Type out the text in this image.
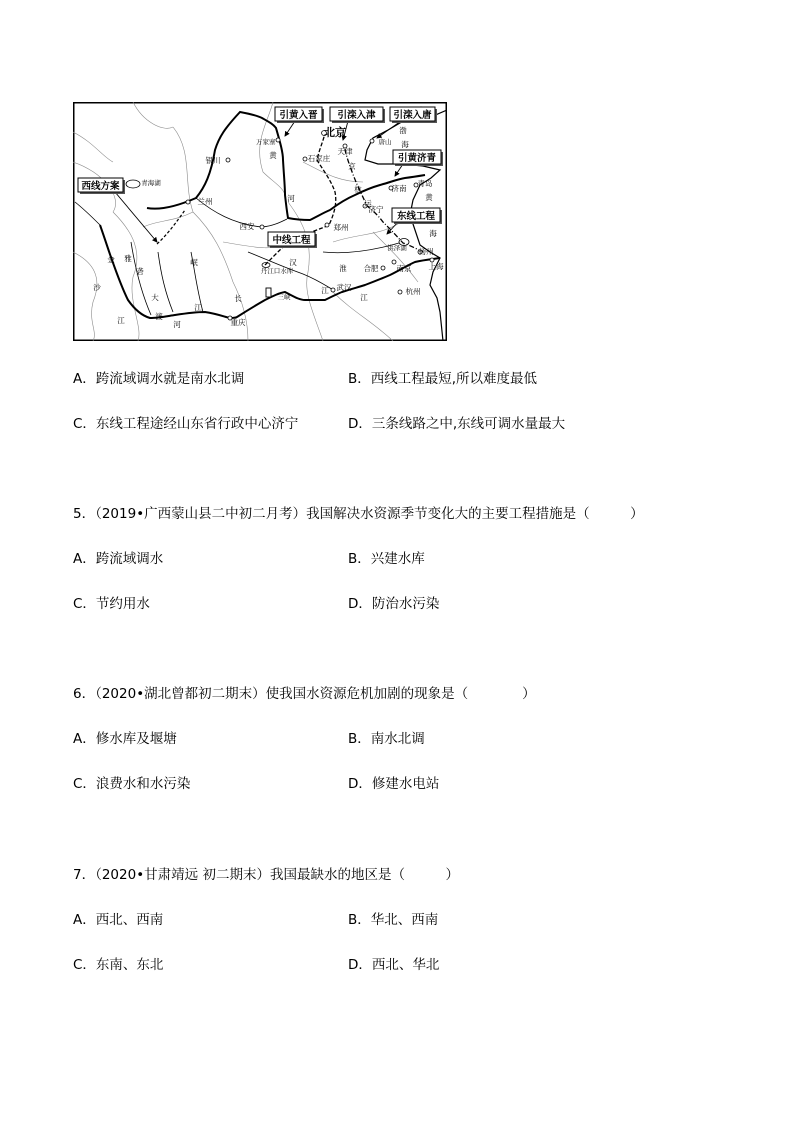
引黄入晋 引滦入津 引滦入唐
北京
万家寨
天津
唐山
渤
海
引黄济青
银川
青海湖
石家庄
黄
京
杭	济南
青岛
黄
西线方案
兰州	河
运
济宁
东线工程
西安	郑州
中线工程
海
雅
砻
金
沙
江
大
渡
河
岷
江
汉
丹江口水库	淮 合肥
洪泽湖 扬州
南京 上海
长	三峡
武汉
江
江
重庆
杭州

A．跨流域调水就是南水北调

	B．西线工程最短,所以难度最低

C．东线工程途经山东省行政中心济宁

	D．三条线路之中,东线可调水量最大

5．（2019•广西蒙山县二中初二月考）我国解决水资源季节变化大的主要工程措施是（　　　）

A．跨流域调水

	B．兴建水库

C．节约用水

	D．防治水污染

6．（2020•湖北曾都初二期末）使我国水资源危机加剧的现象是（　　　　）

A．修水库及堰塘

	B．南水北调

C．浪费水和水污染

	D．修建水电站

7．（2020•甘肃靖远 初二期末）我国最缺水的地区是（　　　）

A．西北、西南

	B．华北、西南

C．东南、东北

	D．西北、华北
